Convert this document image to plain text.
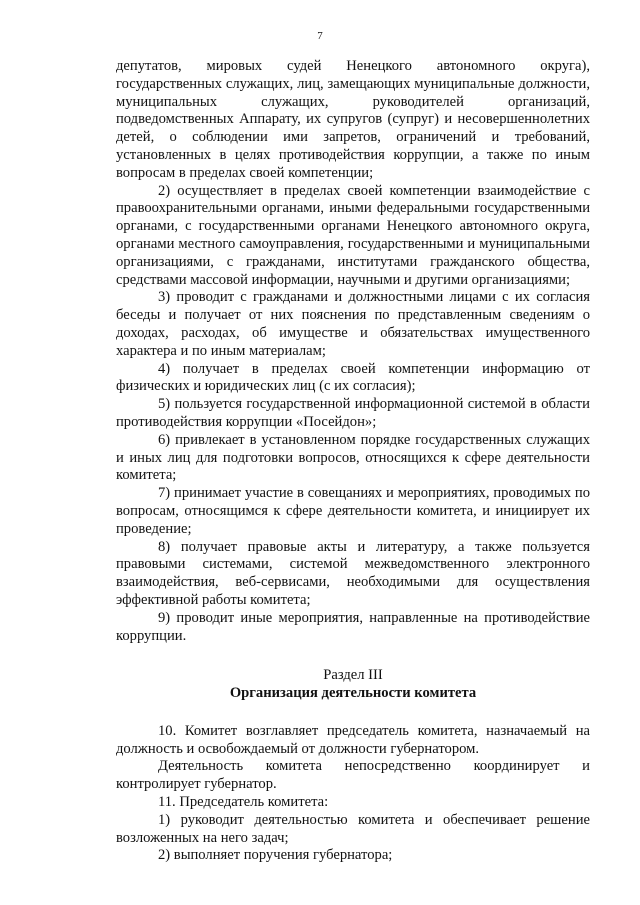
7

депутатов, мировых судей Ненецкого автономного округа), государственных служащих, лиц, замещающих муниципальные должности, муниципальных служащих, руководителей организаций, подведомственных Аппарату, их супругов (супруг) и несовершеннолетних детей, о соблюдении ими запретов, ограничений и требований, установленных в целях противодействия коррупции, а также по иным вопросам в пределах своей компетенции;

2) осуществляет в пределах своей компетенции взаимодействие с правоохранительными органами, иными федеральными государственными органами, с государственными органами Ненецкого автономного округа, органами местного самоуправления, государственными и муниципальными организациями, с гражданами, институтами гражданского общества, средствами массовой информации, научными и другими организациями;

3) проводит с гражданами и должностными лицами с их согласия беседы и получает от них пояснения по представленным сведениям о доходах, расходах, об имуществе и обязательствах имущественного характера и по иным материалам;

4) получает в пределах своей компетенции информацию от физических и юридических лиц (с их согласия);

5) пользуется государственной информационной системой в области противодействия коррупции «Посейдон»;

6) привлекает в установленном порядке государственных служащих и иных лиц для подготовки вопросов, относящихся к сфере деятельности комитета;

7) принимает участие в совещаниях и мероприятиях, проводимых по вопросам, относящимся к сфере деятельности комитета, и инициирует их проведение;

8) получает правовые акты и литературу, а также пользуется правовыми системами, системой межведомственного электронного взаимодействия, веб-сервисами, необходимыми для осуществления эффективной работы комитета;

9) проводит иные мероприятия, направленные на противодействие коррупции.

Раздел III

Организация деятельности комитета

10. Комитет возглавляет председатель комитета, назначаемый на должность и освобождаемый от должности губернатором.

Деятельность комитета непосредственно координирует и контролирует губернатор.

11. Председатель комитета:

1) руководит деятельностью комитета и обеспечивает решение возложенных на него задач;

2) выполняет поручения губернатора;
